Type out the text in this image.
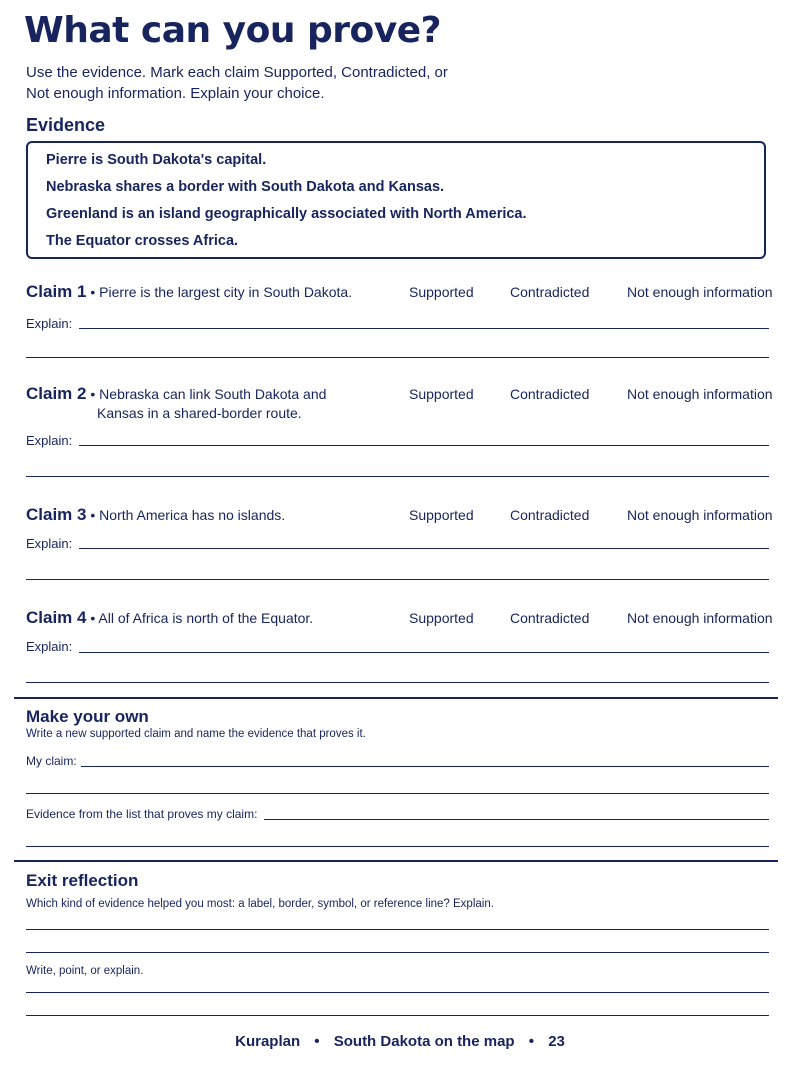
What can you prove?
Use the evidence. Mark each claim Supported, Contradicted, or
Not enough information. Explain your choice.
Evidence
Pierre is South Dakota's capital.
Nebraska shares a border with South Dakota and Kansas.
Greenland is an island geographically associated with North America.
The Equator crosses Africa.
Claim 1 • Pierre is the largest city in South Dakota.	Supported	Contradicted	Not enough information
Explain:
Claim 2 • Nebraska can link South Dakota and
Kansas in a shared-border route.
Supported	Contradicted	Not enough information
Explain:
Claim 3 • North America has no islands.	Supported	Contradicted	Not enough information
Explain:
Claim 4 • All of Africa is north of the Equator.	Supported	Contradicted	Not enough information
Explain:
Make your own
Write a new supported claim and name the evidence that proves it.
My claim:
Evidence from the list that proves my claim:
Exit reflection
Which kind of evidence helped you most: a label, border, symbol, or reference line? Explain.
Write, point, or explain.
Kuraplan • South Dakota on the map • 23
